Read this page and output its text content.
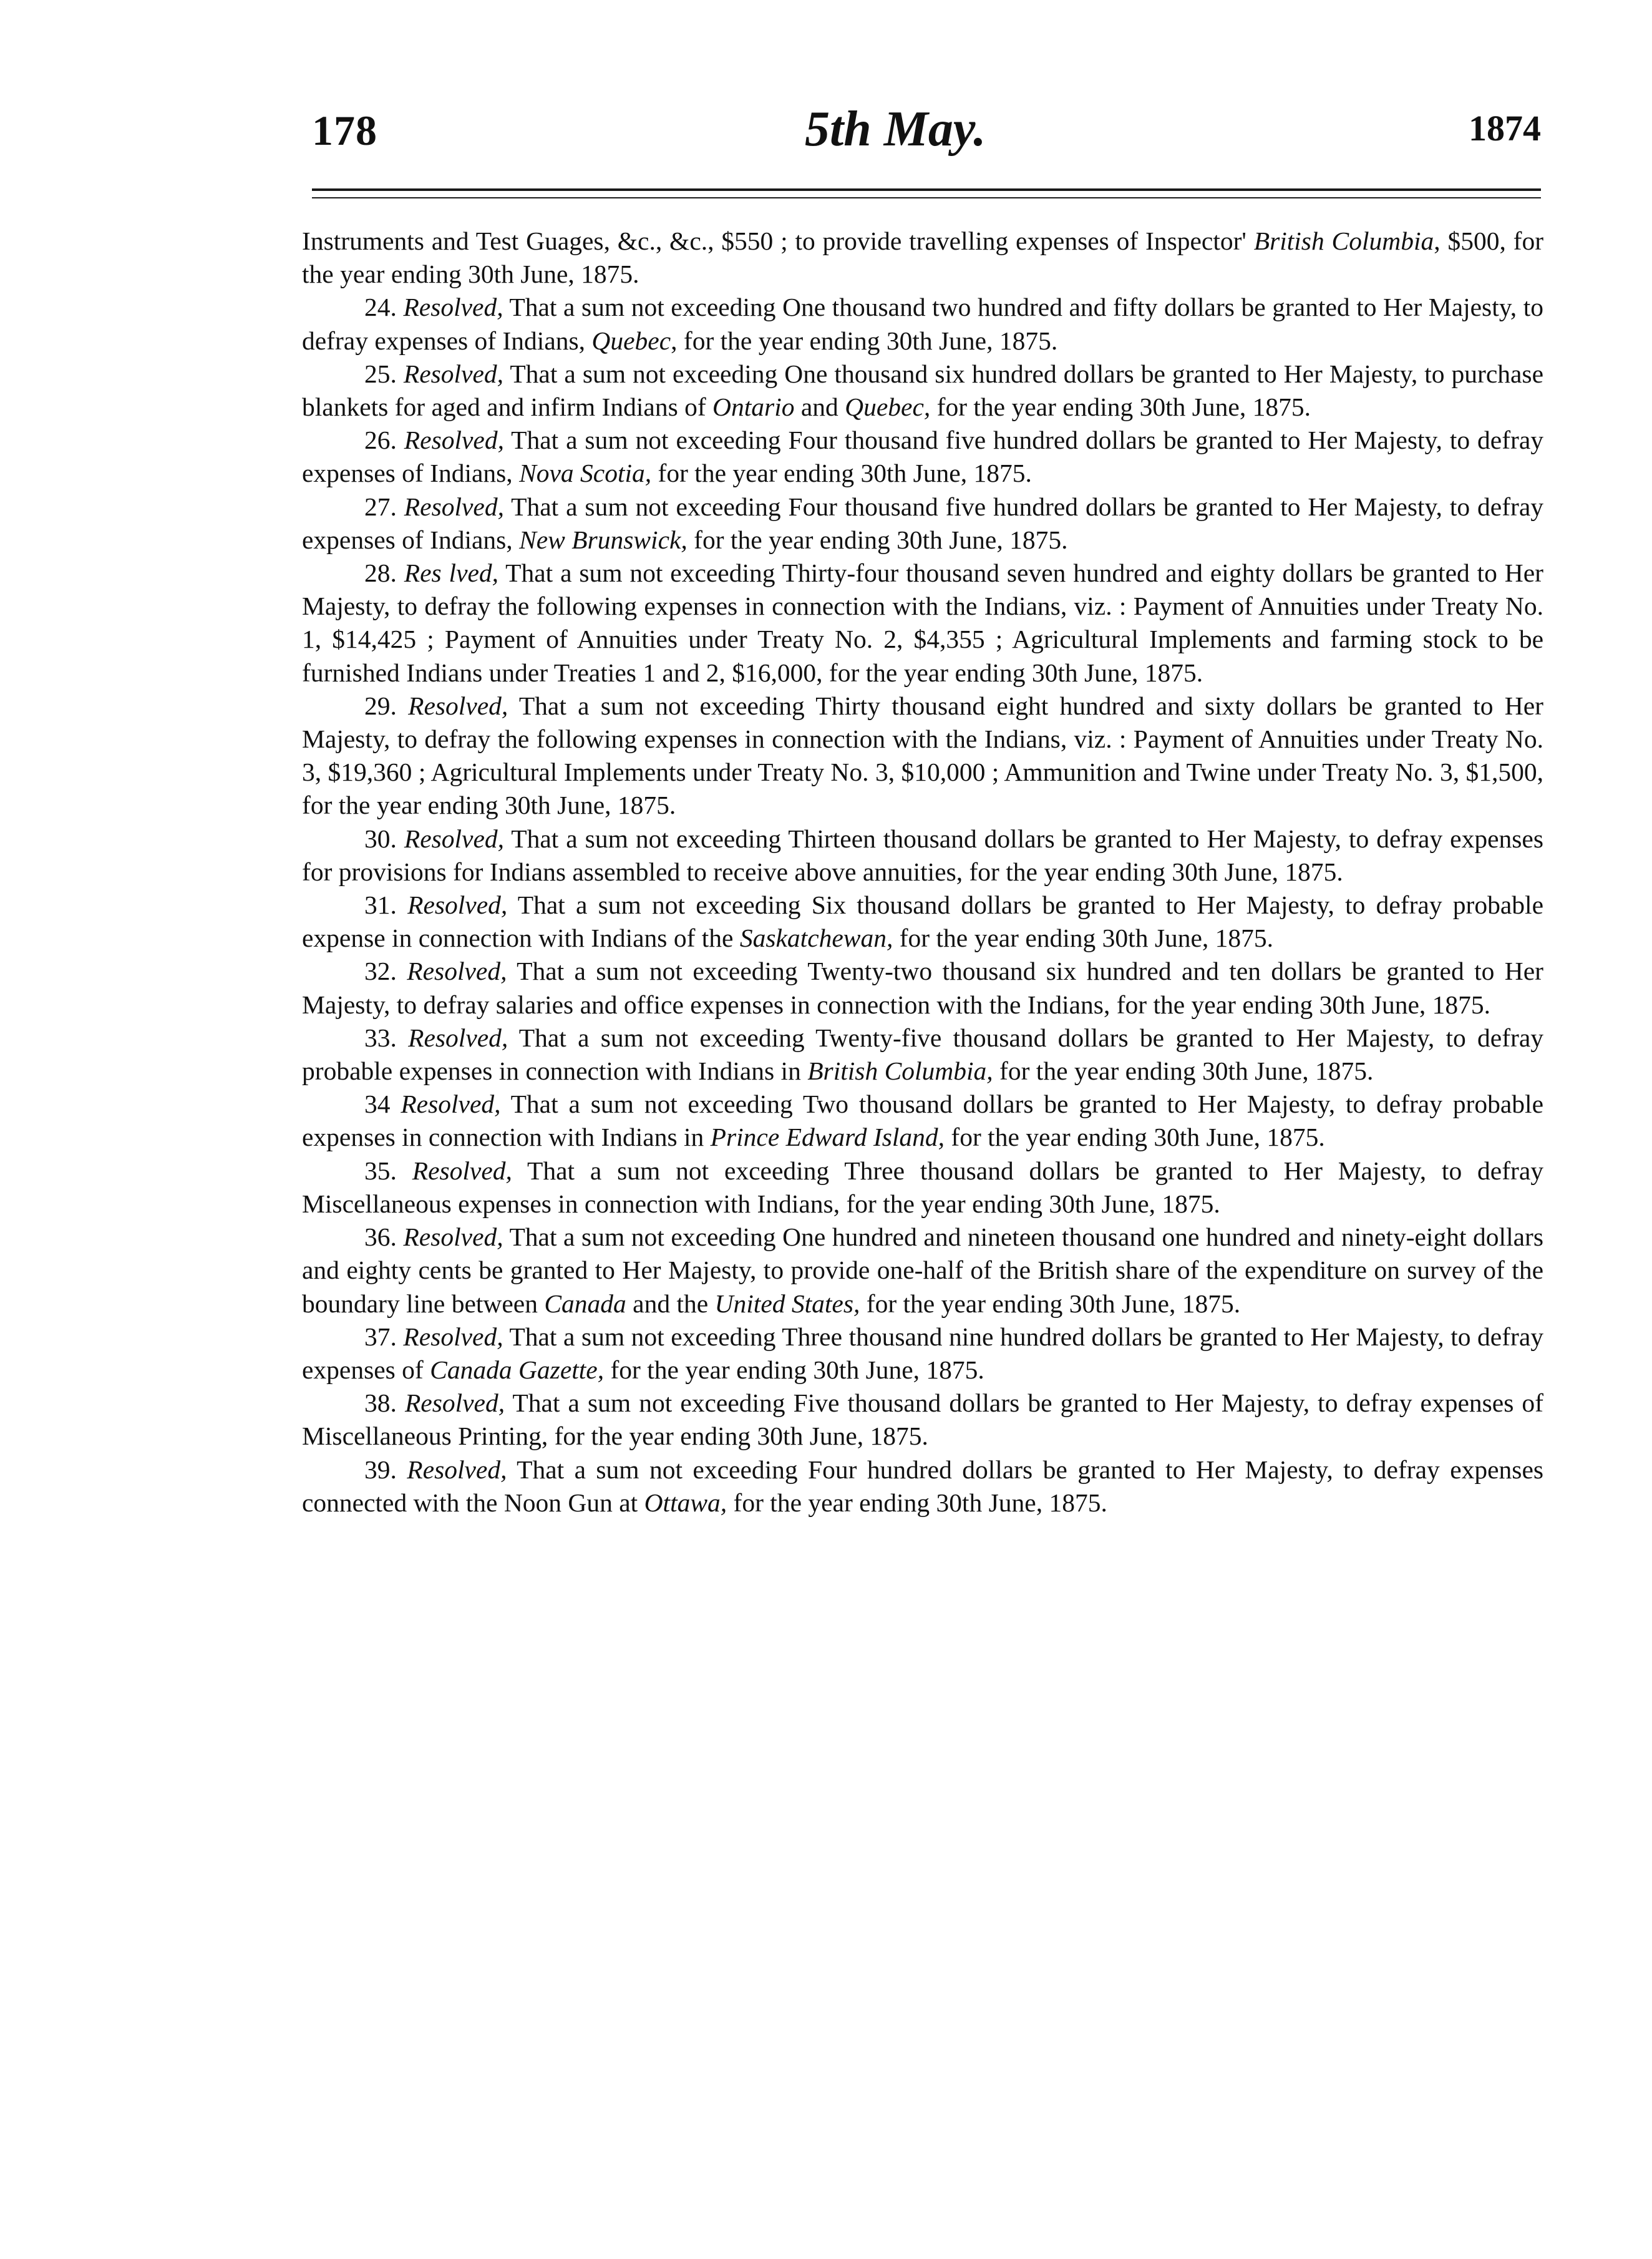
178	5th May.	1874

Instruments and Test Guages, &c., &c., $550 ; to provide travelling expenses of Inspector' British Columbia, $500, for the year ending 30th June, 1875.

24. Resolved, That a sum not exceeding One thousand two hundred and fifty dollars be granted to Her Majesty, to defray expenses of Indians, Quebec, for the year ending 30th June, 1875.

25. Resolved, That a sum not exceeding One thousand six hundred dollars be granted to Her Majesty, to purchase blankets for aged and infirm Indians of Ontario and Quebec, for the year ending 30th June, 1875.

26. Resolved, That a sum not exceeding Four thousand five hundred dollars be granted to Her Majesty, to defray expenses of Indians, Nova Scotia, for the year ending 30th June, 1875.

27. Resolved, That a sum not exceeding Four thousand five hundred dollars be granted to Her Majesty, to defray expenses of Indians, New Brunswick, for the year ending 30th June, 1875.

28. Res lved, That a sum not exceeding Thirty-four thousand seven hundred and eighty dollars be granted to Her Majesty, to defray the following expenses in connection with the Indians, viz. : Payment of Annuities under Treaty No. 1, $14,425 ; Payment of Annuities under Treaty No. 2, $4,355 ; Agricultural Implements and farming stock to be furnished Indians under Treaties 1 and 2, $16,000, for the year ending 30th June, 1875.

29. Resolved, That a sum not exceeding Thirty thousand eight hundred and sixty dollars be granted to Her Majesty, to defray the following expenses in connection with the Indians, viz. : Payment of Annuities under Treaty No. 3, $19,360 ; Agricultural Implements under Treaty No. 3, $10,000 ; Ammunition and Twine under Treaty No. 3, $1,500, for the year ending 30th June, 1875.

30. Resolved, That a sum not exceeding Thirteen thousand dollars be granted to Her Majesty, to defray expenses for provisions for Indians assembled to receive above annuities, for the year ending 30th June, 1875.

31. Resolved, That a sum not exceeding Six thousand dollars be granted to Her Majesty, to defray probable expense in connection with Indians of the Saskatchewan, for the year ending 30th June, 1875.

32. Resolved, That a sum not exceeding Twenty-two thousand six hundred and ten dollars be granted to Her Majesty, to defray salaries and office expenses in connection with the Indians, for the year ending 30th June, 1875.

33. Resolved, That a sum not exceeding Twenty-five thousand dollars be granted to Her Majesty, to defray probable expenses in connection with Indians in British Columbia, for the year ending 30th June, 1875.

34 Resolved, That a sum not exceeding Two thousand dollars be granted to Her Majesty, to defray probable expenses in connection with Indians in Prince Edward Island, for the year ending 30th June, 1875.

35. Resolved, That a sum not exceeding Three thousand dollars be granted to Her Majesty, to defray Miscellaneous expenses in connection with Indians, for the year ending 30th June, 1875.

36. Resolved, That a sum not exceeding One hundred and nineteen thousand one hundred and ninety-eight dollars and eighty cents be granted to Her Majesty, to provide one-half of the British share of the expenditure on survey of the boundary line between Canada and the United States, for the year ending 30th June, 1875.

37. Resolved, That a sum not exceeding Three thousand nine hundred dollars be granted to Her Majesty, to defray expenses of Canada Gazette, for the year ending 30th June, 1875.

38. Resolved, That a sum not exceeding Five thousand dollars be granted to Her Majesty, to defray expenses of Miscellaneous Printing, for the year ending 30th June, 1875.

39. Resolved, That a sum not exceeding Four hundred dollars be granted to Her Majesty, to defray expenses connected with the Noon Gun at Ottawa, for the year ending 30th June, 1875.
